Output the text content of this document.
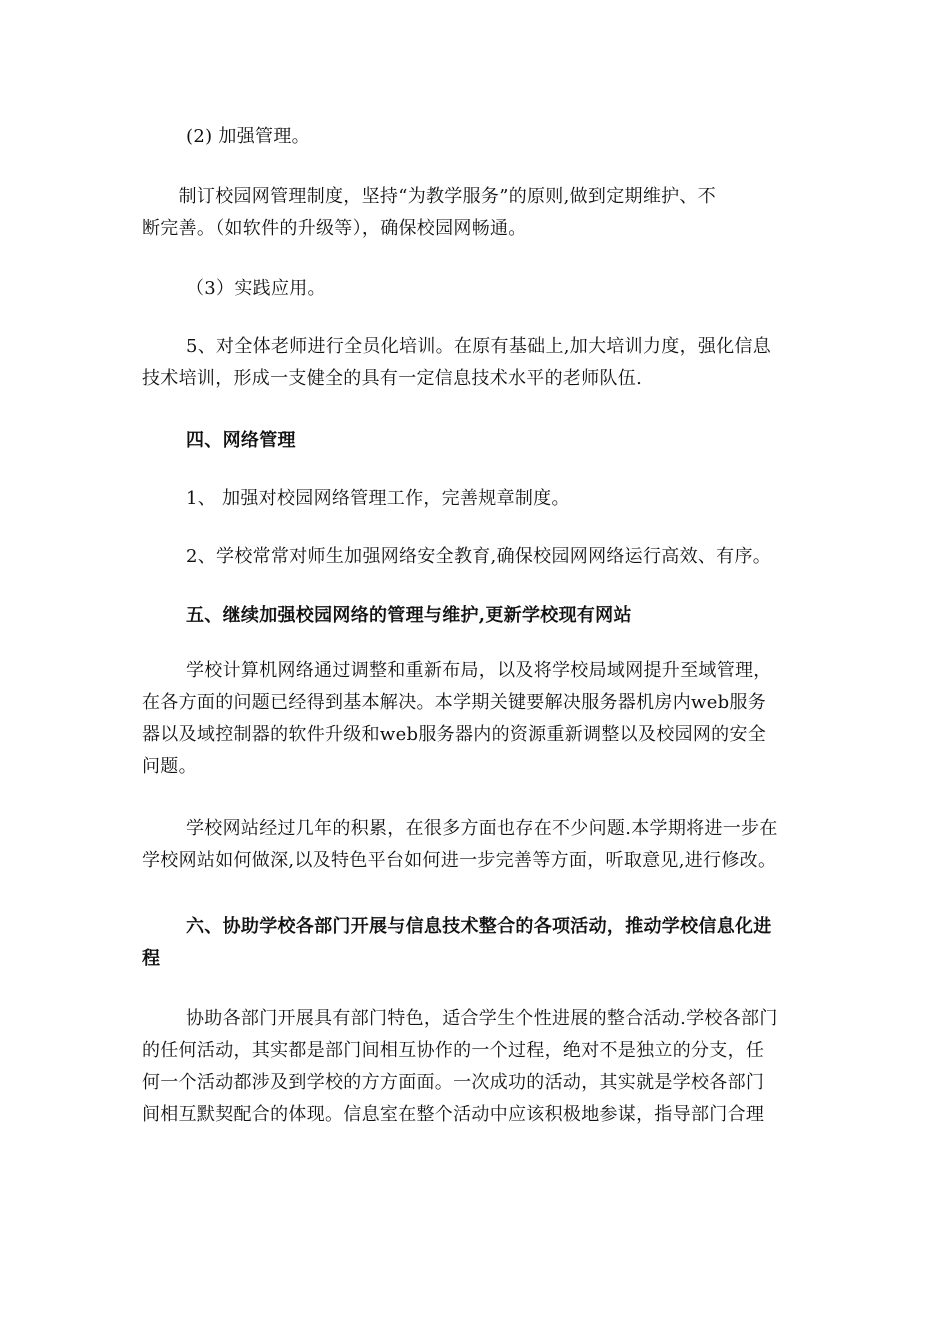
(2) 加强管理。

　　制订校园网管理制度，坚持“为教学服务”的原则,做到定期维护、不

断完善。（如软件的升级等），确保校园网畅通。

（3）实践应用。

5、对全体老师进行全员化培训。在原有基础上,加大培训力度，强化信息

技术培训，形成一支健全的具有一定信息技术水平的老师队伍.

四、网络管理

1、 加强对校园网络管理工作，完善规章制度。

2、学校常常对师生加强网络安全教育,确保校园网网络运行高效、有序。

五、继续加强校园网络的管理与维护,更新学校现有网站

学校计算机网络通过调整和重新布局，以及将学校局域网提升至域管理，

在各方面的问题已经得到基本解决。本学期关键要解决服务器机房内web服务

器以及域控制器的软件升级和web服务器内的资源重新调整以及校园网的安全

问题。

学校网站经过几年的积累，在很多方面也存在不少问题.本学期将进一步在

学校网站如何做深,以及特色平台如何进一步完善等方面，听取意见,进行修改。

六、协助学校各部门开展与信息技术整合的各项活动，推动学校信息化进

程

协助各部门开展具有部门特色，适合学生个性进展的整合活动.学校各部门

的任何活动，其实都是部门间相互协作的一个过程，绝对不是独立的分支，任

何一个活动都涉及到学校的方方面面。一次成功的活动，其实就是学校各部门

间相互默契配合的体现。信息室在整个活动中应该积极地参谋，指导部门合理
